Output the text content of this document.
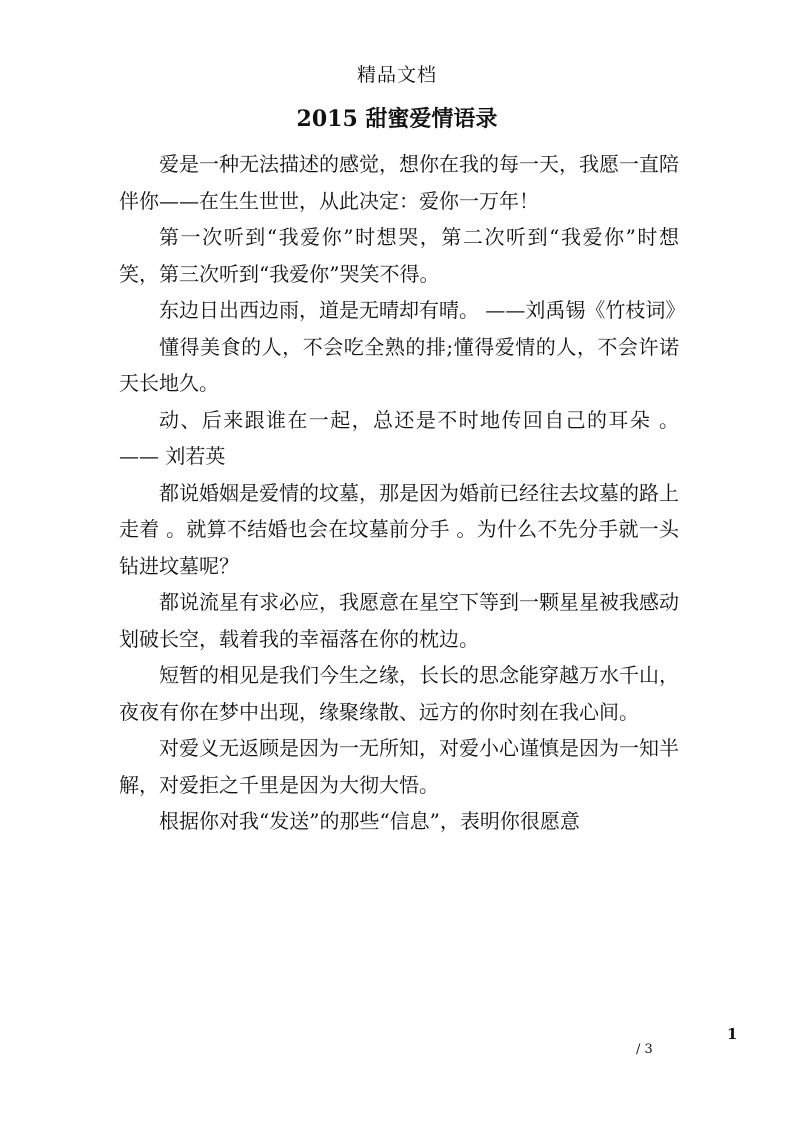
精品文档
2015 甜蜜爱情语录

爱是一种无法描述的感觉，想你在我的每一天，我愿一直陪伴你——在生生世世，从此决定：爱你一万年！

第一次听到“我爱你”时想哭，第二次听到“我爱你”时想笑，第三次听到“我爱你”哭笑不得。

东边日出西边雨，道是无晴却有晴。 ——刘禹锡《竹枝词》

懂得美食的人，不会吃全熟的排;懂得爱情的人，不会许诺天长地久。

动、后来跟谁在一起，总还是不时地传回自己的耳朵 。—— 刘若英

都说婚姻是爱情的坟墓，那是因为婚前已经往去坟墓的路上走着 。就算不结婚也会在坟墓前分手 。为什么不先分手就一头钻进坟墓呢？

都说流星有求必应，我愿意在星空下等到一颗星星被我感动划破长空，载着我的幸福落在你的枕边。

短暂的相见是我们今生之缘，长长的思念能穿越万水千山，夜夜有你在梦中出现，缘聚缘散、远方的你时刻在我心间。

对爱义无返顾是因为一无所知，对爱小心谨慎是因为一知半解，对爱拒之千里是因为大彻大悟。

根据你对我“发送”的那些“信息”，表明你很愿意

1
/ 3
